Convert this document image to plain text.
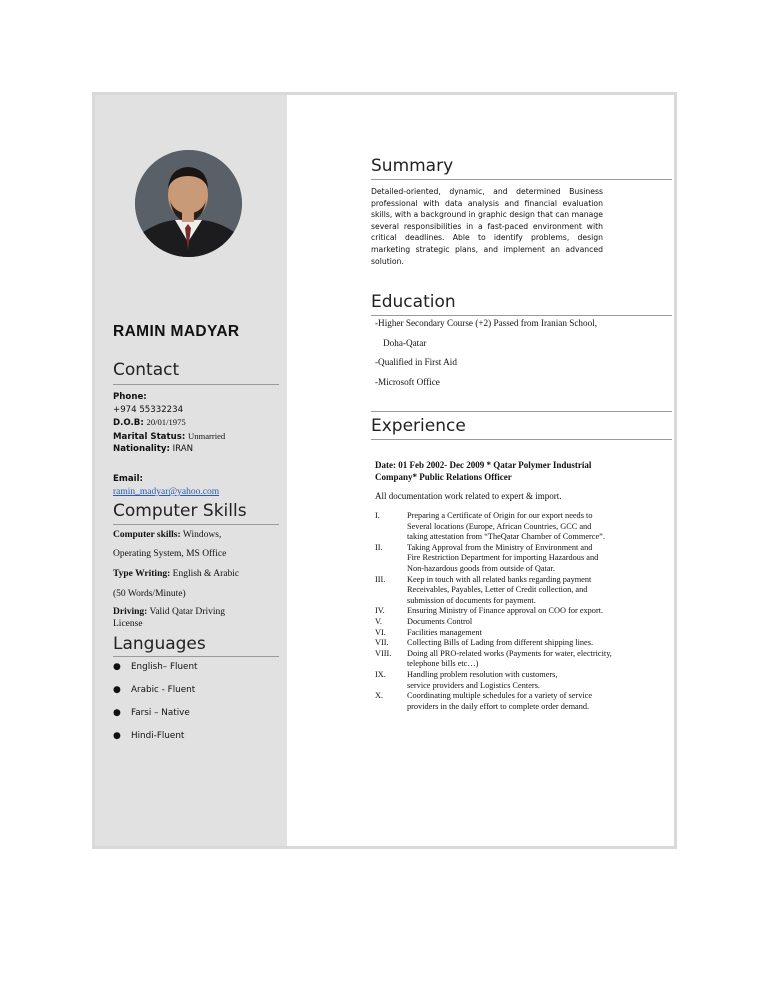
RAMIN MADYAR
Contact
Phone:
+974 55332234
D.O.B: 20/01/1975
Marital Status: Unmarried
Nationality: IRAN
Email:
ramin_madyar@yahoo.com
Computer Skills
Computer skills: Windows,
Operating System, MS Office
Type Writing: English & Arabic
(50 Words/Minute)
Driving: Valid Qatar Driving
License
Languages
●	English– Fluent
●	Arabic - Fluent
●	Farsi – Native
●	Hindi-Fluent
Summary
Detailed-oriented, dynamic, and determined Business professional with data analysis and financial evaluation skills, with a background in graphic design that can manage several responsibilities in a fast-paced environment with critical deadlines. Able to identify problems, design marketing strategic plans, and implement an advanced solution.
Education
-Higher Secondary Course (+2) Passed from Iranian School,
Doha-Qatar
-Qualified in First Aid
-Microsoft Office
Experience
Date: 01 Feb 2002- Dec 2009 * Qatar Polymer Industrial
Company* Public Relations Officer
All documentation work related to expert & import.
I.	Preparing a Certificate of Origin for our export needs to
Several locations (Europe, African Countries, GCC and
taking attestation from “TheQatar Chamber of Commerce”.
II.	Taking Approval from the Ministry of Environment and
Fire Restriction Department for importing Hazardous and
Non-hazardous goods from outside of Qatar.
III.	Keep in touch with all related banks regarding payment
Receivables, Payables, Letter of Credit collection, and
submission of documents for payment.
IV.	Ensuring Ministry of Finance approval on COO for export.
V.	Documents Control
VI.	Facilities management
VII.	Collecting Bills of Lading from different shipping lines.
VIII.	Doing all PRO-related works (Payments for water, electricity,
telephone bills etc…)
IX.	Handling problem resolution with customers,
service providers and Logistics Centers.
X.	Coordinating multiple schedules for a variety of service
providers in the daily effort to complete order demand.
